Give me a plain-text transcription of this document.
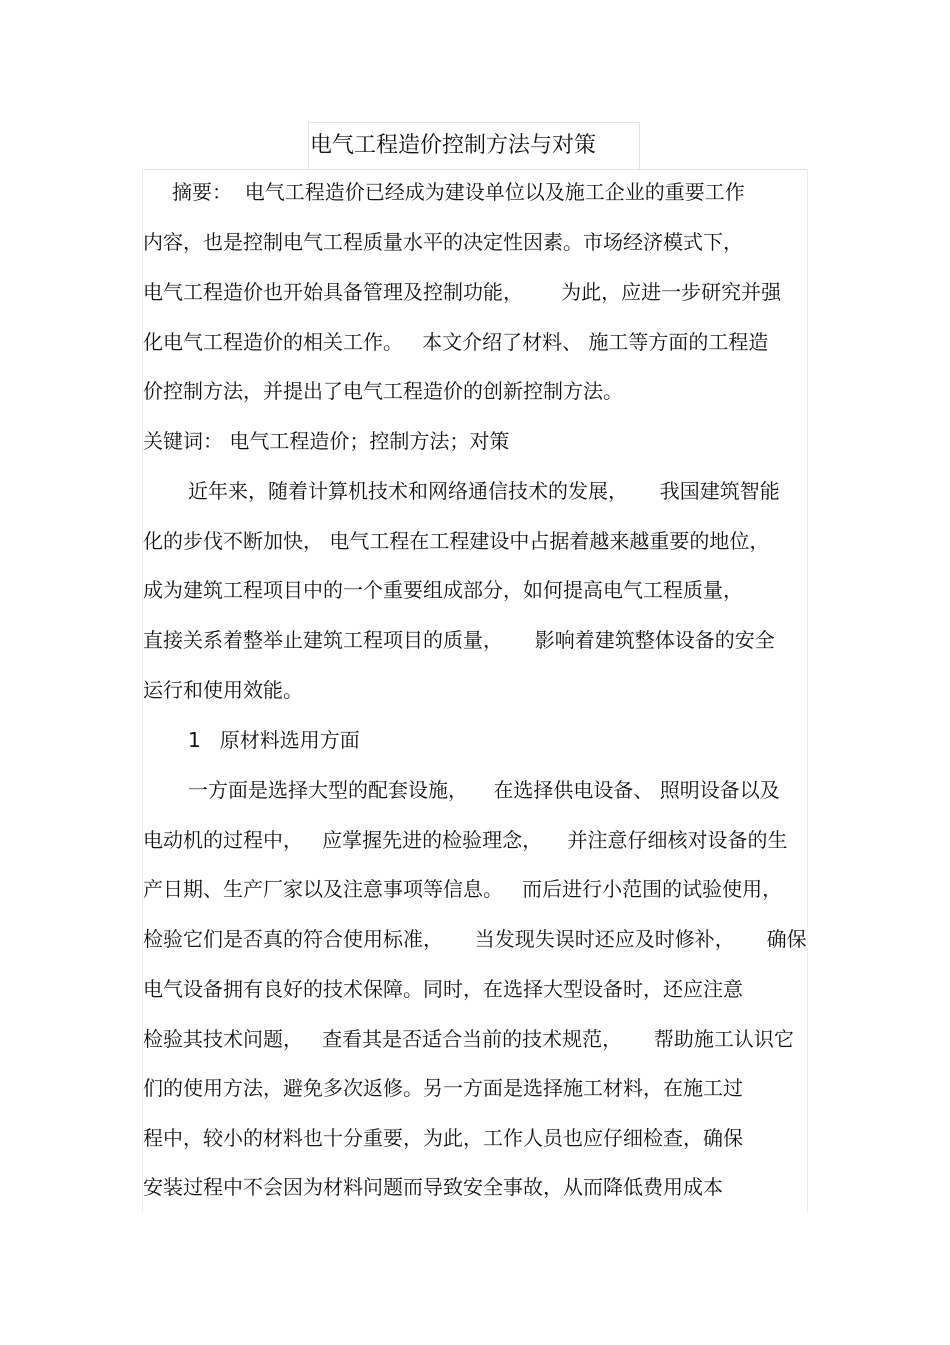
电气工程造价控制方法与对策
摘要：  电气工程造价已经成为建设单位以及施工企业的重要工作
内容，也是控制电气工程质量水平的决定性因素。市场经济模式下，
电气工程造价也开始具备管理及控制功能，      为此，应进一步研究并强
化电气工程造价的相关工作。   本文介绍了材料、 施工等方面的工程造
价控制方法，并提出了电气工程造价的创新控制方法。
关键词： 电气工程造价；控制方法；对策
近年来，随着计算机技术和网络通信技术的发展，     我国建筑智能
化的步伐不断加快， 电气工程在工程建设中占据着越来越重要的地位，
成为建筑工程项目中的一个重要组成部分，如何提高电气工程质量，
直接关系着整举止建筑工程项目的质量，     影响着建筑整体设备的安全
运行和使用效能。
1   原材料选用方面
一方面是选择大型的配套设施，    在选择供电设备、 照明设备以及
电动机的过程中，   应掌握先进的检验理念，    并注意仔细核对设备的生
产日期、生产厂家以及注意事项等信息。   而后进行小范围的试验使用，
检验它们是否真的符合使用标准，     当发现失误时还应及时修补，     确保
电气设备拥有良好的技术保障。同时，在选择大型设备时，还应注意
检验其技术问题，   查看其是否适合当前的技术规范，     帮助施工认识它
们的使用方法，避免多次返修。另一方面是选择施工材料，在施工过
程中，较小的材料也十分重要，为此，工作人员也应仔细检查，确保
安装过程中不会因为材料问题而导致安全事故，从而降低费用成本
